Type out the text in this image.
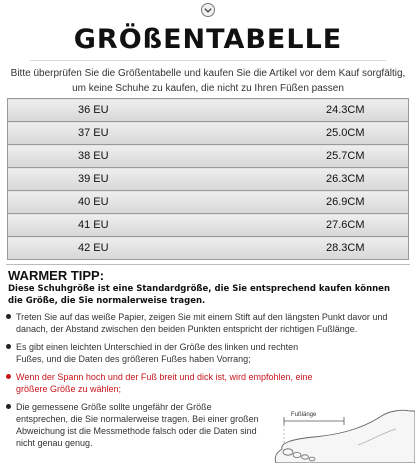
GRÖßENTABELLE
Bitte überprüfen Sie die Größentabelle und kaufen Sie die Artikel vor dem Kauf sorgfältig,
um keine Schuhe zu kaufen, die nicht zu Ihren Füßen passen
36 EU	24.3CM
37 EU	25.0CM
38 EU	25.7CM
39 EU	26.3CM
40 EU	26.9CM
41 EU	27.6CM
42 EU	28.3CM
WARMER TIPP:
Diese Schuhgröße ist eine Standardgröße, die Sie entsprechend kaufen können
die Größe, die Sie normalerweise tragen.
Treten Sie auf das weiße Papier, zeigen Sie mit einem Stift auf den längsten Punkt davor und
danach, der Abstand zwischen den beiden Punkten entspricht der richtigen Fußlänge.
Es gibt einen leichten Unterschied in der Größe des linken und rechten
Fußes, und die Daten des größeren Fußes haben Vorrang;
Wenn der Spann hoch und der Fuß breit und dick ist, wird empfohlen, eine
größere Größe zu wählen;
Die gemessene Größe sollte ungefähr der Größe
entsprechen, die Sie normalerweise tragen. Bei einer großen
Abweichung ist die Messmethode falsch oder die Daten sind
nicht genau genug.
Fußlänge
